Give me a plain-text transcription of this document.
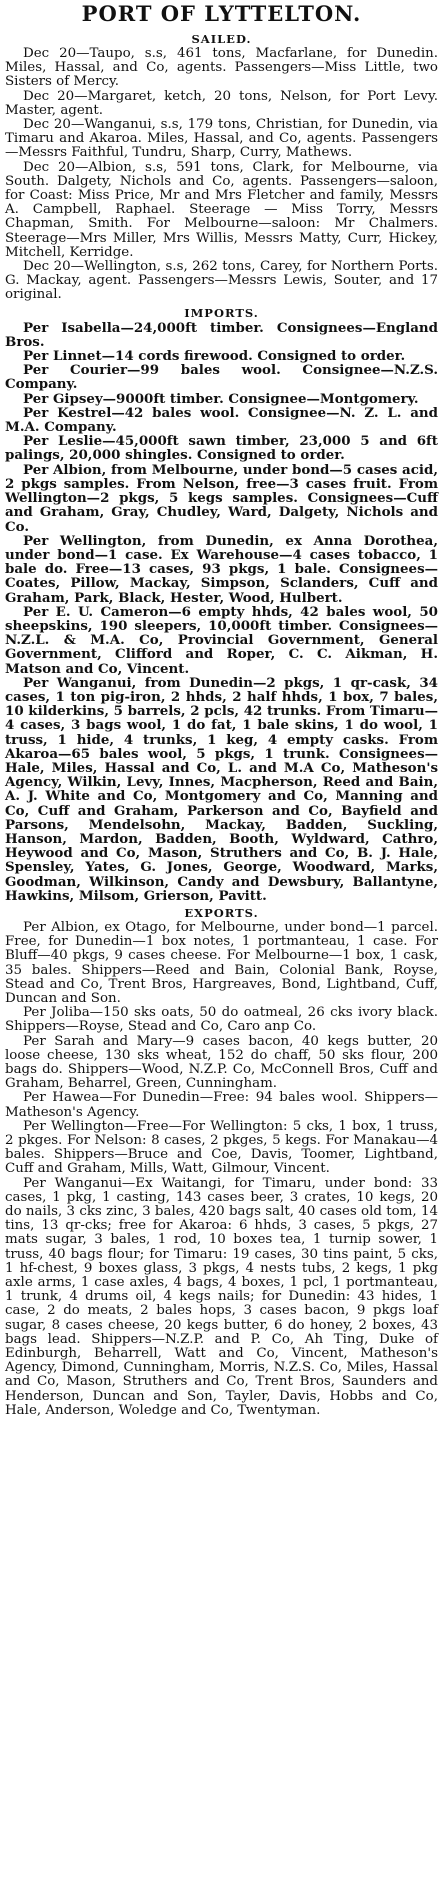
PORT OF LYTTELTON.
SAILED.

Dec 20—Taupo, s.s, 461 tons, Macfarlane, for Dunedin. Miles, Hassal, and Co, agents. Passengers—Miss Little, two Sisters of Mercy.

Dec 20—Margaret, ketch, 20 tons, Nelson, for Port Levy. Master, agent.

Dec 20—Wanganui, s.s, 179 tons, Christian, for Dunedin, via Timaru and Akaroa. Miles, Hassal, and Co, agents. Passengers—Messrs Faithful, Tundru, Sharp, Curry, Mathews.

Dec 20—Albion, s.s, 591 tons, Clark, for Melbourne, via South. Dalgety, Nichols and Co, agents. Passengers—saloon, for Coast: Miss Price, Mr and Mrs Fletcher and family, Messrs A. Campbell, Raphael. Steerage — Miss Torry, Messrs Chapman, Smith. For Melbourne—saloon: Mr Chalmers. Steerage—Mrs Miller, Mrs Willis, Messrs Matty, Curr, Hickey, Mitchell, Kerridge.

Dec 20—Wellington, s.s, 262 tons, Carey, for Northern Ports. G. Mackay, agent. Passengers—Messrs Lewis, Souter, and 17 original.

IMPORTS.

Per Isabella—24,000ft timber. Consignees—England Bros.

Per Linnet—14 cords firewood. Consigned to order.

Per Courier—99 bales wool. Consignee—N.Z.S. Company.

Per Gipsey—9000ft timber. Consignee—Montgomery.

Per Kestrel—42 bales wool. Consignee—N. Z. L. and M.A. Company.

Per Leslie—45,000ft sawn timber, 23,000 5 and 6ft palings, 20,000 shingles. Consigned to order.

Per Albion, from Melbourne, under bond—5 cases acid, 2 pkgs samples. From Nelson, free—3 cases fruit. From Wellington—2 pkgs, 5 kegs samples. Consignees—Cuff and Graham, Gray, Chudley, Ward, Dalgety, Nichols and Co.

Per Wellington, from Dunedin, ex Anna Dorothea, under bond—1 case. Ex Warehouse—4 cases tobacco, 1 bale do. Free—13 cases, 93 pkgs, 1 bale. Consignees—Coates, Pillow, Mackay, Simpson, Sclanders, Cuff and Graham, Park, Black, Hester, Wood, Hulbert.

Per E. U. Cameron—6 empty hhds, 42 bales wool, 50 sheepskins, 190 sleepers, 10,000ft timber. Consignees—N.Z.L. & M.A. Co, Provincial Government, General Government, Clifford and Roper, C. C. Aikman, H. Matson and Co, Vincent.

Per Wanganui, from Dunedin—2 pkgs, 1 qr-cask, 34 cases, 1 ton pig-iron, 2 hhds, 2 half hhds, 1 box, 7 bales, 10 kilderkins, 5 barrels, 2 pcls, 42 trunks. From Timaru—4 cases, 3 bags wool, 1 do fat, 1 bale skins, 1 do wool, 1 truss, 1 hide, 4 trunks, 1 keg, 4 empty casks. From Akaroa—65 bales wool, 5 pkgs, 1 trunk. Consignees—Hale, Miles, Hassal and Co, L. and M.A Co, Matheson's Agency, Wilkin, Levy, Innes, Macpherson, Reed and Bain, A. J. White and Co, Montgomery and Co, Manning and Co, Cuff and Graham, Parkerson and Co, Bayfield and Parsons, Mendelsohn, Mackay, Badden, Suckling, Hanson, Mardon, Badden, Booth, Wyldward, Cathro, Heywood and Co, Mason, Struthers and Co, B. J. Hale, Spensley, Yates, G. Jones, George, Woodward, Marks, Goodman, Wilkinson, Candy and Dewsbury, Ballantyne, Hawkins, Milsom, Grierson, Pavitt.

EXPORTS.

Per Albion, ex Otago, for Melbourne, under bond—1 parcel. Free, for Dunedin—1 box notes, 1 portmanteau, 1 case. For Bluff—40 pkgs, 9 cases cheese. For Melbourne—1 box, 1 cask, 35 bales. Shippers—Reed and Bain, Colonial Bank, Royse, Stead and Co, Trent Bros, Hargreaves, Bond, Lightband, Cuff, Duncan and Son.

Per Joliba—150 sks oats, 50 do oatmeal, 26 cks ivory black. Shippers—Royse, Stead and Co, Caro anp Co.

Per Sarah and Mary—9 cases bacon, 40 kegs butter, 20 loose cheese, 130 sks wheat, 152 do chaff, 50 sks flour, 200 bags do. Shippers—Wood, N.Z.P. Co, McConnell Bros, Cuff and Graham, Beharrel, Green, Cunningham.

Per Hawea—For Dunedin—Free: 94 bales wool. Shippers—Matheson's Agency.

Per Wellington—Free—For Wellington: 5 cks, 1 box, 1 truss, 2 pkges. For Nelson: 8 cases, 2 pkges, 5 kegs. For Manakau—4 bales. Shippers—Bruce and Coe, Davis, Toomer, Lightband, Cuff and Graham, Mills, Watt, Gilmour, Vincent.

Per Wanganui—Ex Waitangi, for Timaru, under bond: 33 cases, 1 pkg, 1 casting, 143 cases beer, 3 crates, 10 kegs, 20 do nails, 3 cks zinc, 3 bales, 420 bags salt, 40 cases old tom, 14 tins, 13 qr-cks; free for Akaroa: 6 hhds, 3 cases, 5 pkgs, 27 mats sugar, 3 bales, 1 rod, 10 boxes tea, 1 turnip sower, 1 truss, 40 bags flour; for Timaru: 19 cases, 30 tins paint, 5 cks, 1 hf-chest, 9 boxes glass, 3 pkgs, 4 nests tubs, 2 kegs, 1 pkg axle arms, 1 case axles, 4 bags, 4 boxes, 1 pcl, 1 portmanteau, 1 trunk, 4 drums oil, 4 kegs nails; for Dunedin: 43 hides, 1 case, 2 do meats, 2 bales hops, 3 cases bacon, 9 pkgs loaf sugar, 8 cases cheese, 20 kegs butter, 6 do honey, 2 boxes, 43 bags lead. Shippers—N.Z.P. and P. Co, Ah Ting, Duke of Edinburgh, Beharrell, Watt and Co, Vincent, Matheson's Agency, Dimond, Cunningham, Morris, N.Z.S. Co, Miles, Hassal and Co, Mason, Struthers and Co, Trent Bros, Saunders and Henderson, Duncan and Son, Tayler, Davis, Hobbs and Co, Hale, Anderson, Woledge and Co, Twentyman.
